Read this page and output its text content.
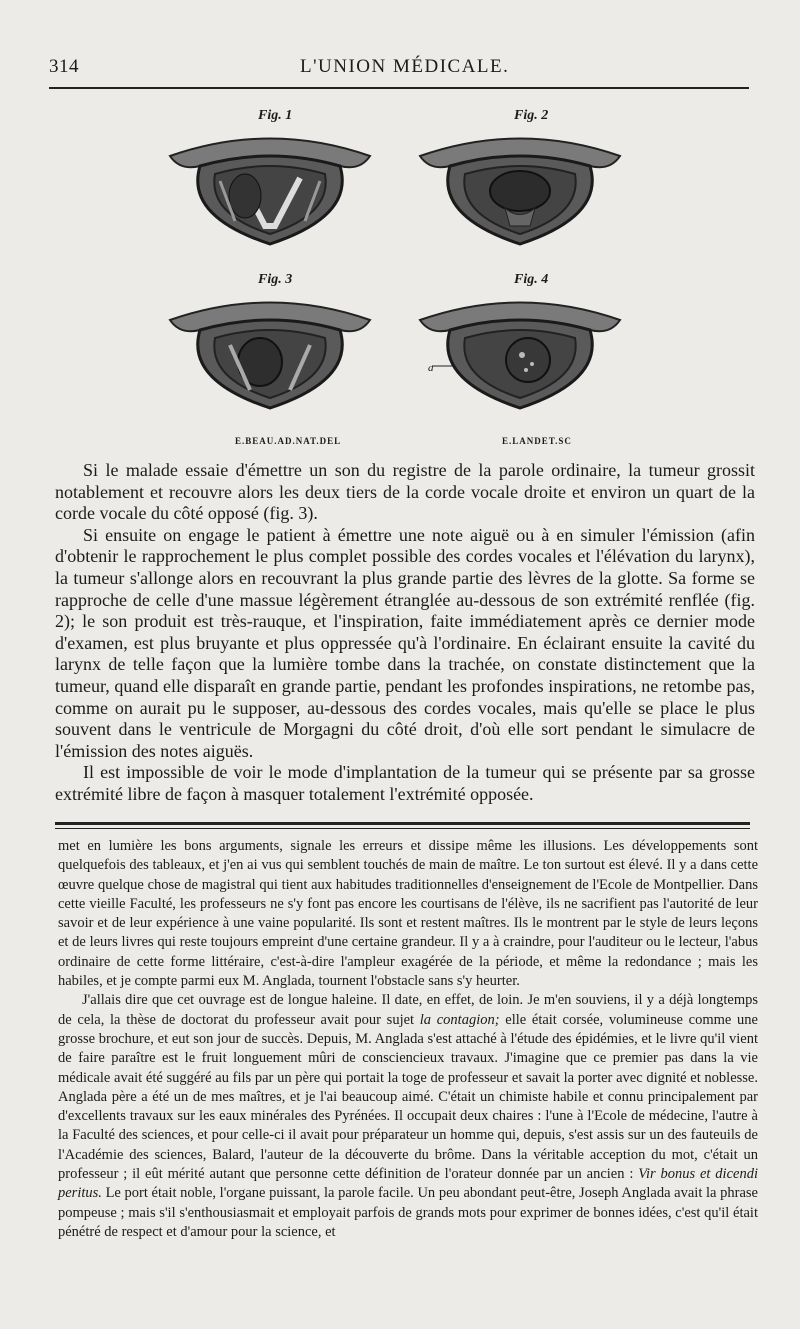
314	L'UNION MÉDICALE.
Fig. 1	Fig. 2
Fig. 3	Fig. 4
a
E.BEAU.AD.NAT.DEL	E.LANDET.SC

Si le malade essaie d'émettre un son du registre de la parole ordinaire, la tumeur grossit notablement et recouvre alors les deux tiers de la corde vocale droite et environ un quart de la corde vocale du côté opposé (fig. 3).

Si ensuite on engage le patient à émettre une note aiguë ou à en simuler l'émission (afin d'obtenir le rapprochement le plus complet possible des cordes vocales et l'élévation du larynx), la tumeur s'allonge alors en recouvrant la plus grande partie des lèvres de la glotte. Sa forme se rapproche de celle d'une massue légèrement étranglée au-dessous de son extrémité renflée (fig. 2); le son produit est très-rauque, et l'inspiration, faite immédiatement après ce dernier mode d'examen, est plus bruyante et plus oppressée qu'à l'ordinaire. En éclairant ensuite la cavité du larynx de telle façon que la lumière tombe dans la trachée, on constate distinctement que la tumeur, quand elle disparaît en grande partie, pendant les profondes inspirations, ne retombe pas, comme on aurait pu le supposer, au-dessous des cordes vocales, mais qu'elle se place le plus souvent dans le ventricule de Morgagni du côté droit, d'où elle sort pendant le simulacre de l'émission des notes aiguës.

Il est impossible de voir le mode d'implantation de la tumeur qui se présente par sa grosse extrémité libre de façon à masquer totalement l'extrémité opposée.

met en lumière les bons arguments, signale les erreurs et dissipe même les illusions. Les développements sont quelquefois des tableaux, et j'en ai vus qui semblent touchés de main de maître. Le ton surtout est élevé. Il y a dans cette œuvre quelque chose de magistral qui tient aux habitudes traditionnelles d'enseignement de l'Ecole de Montpellier. Dans cette vieille Faculté, les professeurs ne s'y font pas encore les courtisans de l'élève, ils ne sacrifient pas l'autorité de leur savoir et de leur expérience à une vaine popularité. Ils sont et restent maîtres. Ils le montrent par le style de leurs leçons et de leurs livres qui reste toujours empreint d'une certaine grandeur. Il y a à craindre, pour l'auditeur ou le lecteur, l'abus ordinaire de cette forme littéraire, c'est-à-dire l'ampleur exagérée de la période, et même la redondance ; mais les habiles, et je compte parmi eux M. Anglada, tournent l'obstacle sans s'y heurter.

J'allais dire que cet ouvrage est de longue haleine. Il date, en effet, de loin. Je m'en souviens, il y a déjà longtemps de cela, la thèse de doctorat du professeur avait pour sujet la contagion; elle était corsée, volumineuse comme une grosse brochure, et eut son jour de succès. Depuis, M. Anglada s'est attaché à l'étude des épidémies, et le livre qu'il vient de faire paraître est le fruit longuement mûri de consciencieux travaux. J'imagine que ce premier pas dans la vie médicale avait été suggéré au fils par un père qui portait la toge de professeur et savait la porter avec dignité et noblesse. Anglada père a été un de mes maîtres, et je l'ai beaucoup aimé. C'était un chimiste habile et connu principalement par d'excellents travaux sur les eaux minérales des Pyrénées. Il occupait deux chaires : l'une à l'Ecole de médecine, l'autre à la Faculté des sciences, et pour celle-ci il avait pour préparateur un homme qui, depuis, s'est assis sur un des fauteuils de l'Académie des sciences, Balard, l'auteur de la découverte du brôme. Dans la véritable acception du mot, c'était un professeur ; il eût mérité autant que personne cette définition de l'orateur donnée par un ancien : Vir bonus et dicendi peritus. Le port était noble, l'organe puissant, la parole facile. Un peu abondant peut-être, Joseph Anglada avait la phrase pompeuse ; mais s'il s'enthousiasmait et employait parfois de grands mots pour exprimer de bonnes idées, c'est qu'il était pénétré de respect et d'amour pour la science, et
